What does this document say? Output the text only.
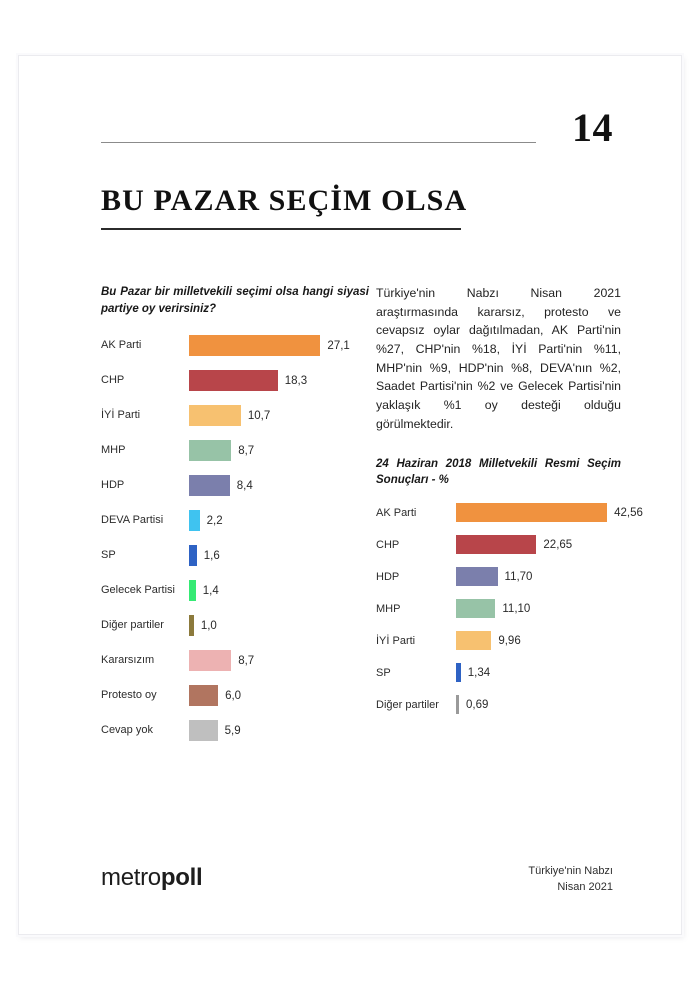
14
BU PAZAR SEÇİM OLSA
Bu Pazar bir milletvekili seçimi olsa hangi siyasi partiye oy verirsiniz?
AK Parti	27,1
CHP	18,3
İYİ Parti	10,7
MHP	8,7
HDP	8,4
DEVA Partisi	2,2
SP	1,6
Gelecek Partisi	1,4
Diğer partiler	1,0
Kararsızım	8,7
Protesto oy	6,0
Cevap yok	5,9
Türkiye'nin Nabzı Nisan 2021 araştırmasında kararsız, protesto ve cevapsız oylar dağıtılmadan, AK Parti'nin %27, CHP'nin %18, İYİ Parti'nin %11, MHP'nin %9, HDP'nin %8, DEVA'nın %2, Saadet Partisi'nin %2 ve Gelecek Partisi'nin yaklaşık %1 oy desteği olduğu görülmektedir.
24 Haziran 2018 Milletvekili Resmi Seçim Sonuçları - %
AK Parti	42,56
CHP	22,65
HDP	11,70
MHP	11,10
İYİ Parti	9,96
SP	1,34
Diğer partiler	0,69
metropoll	Türkiye'nin Nabzı
Nisan 2021
